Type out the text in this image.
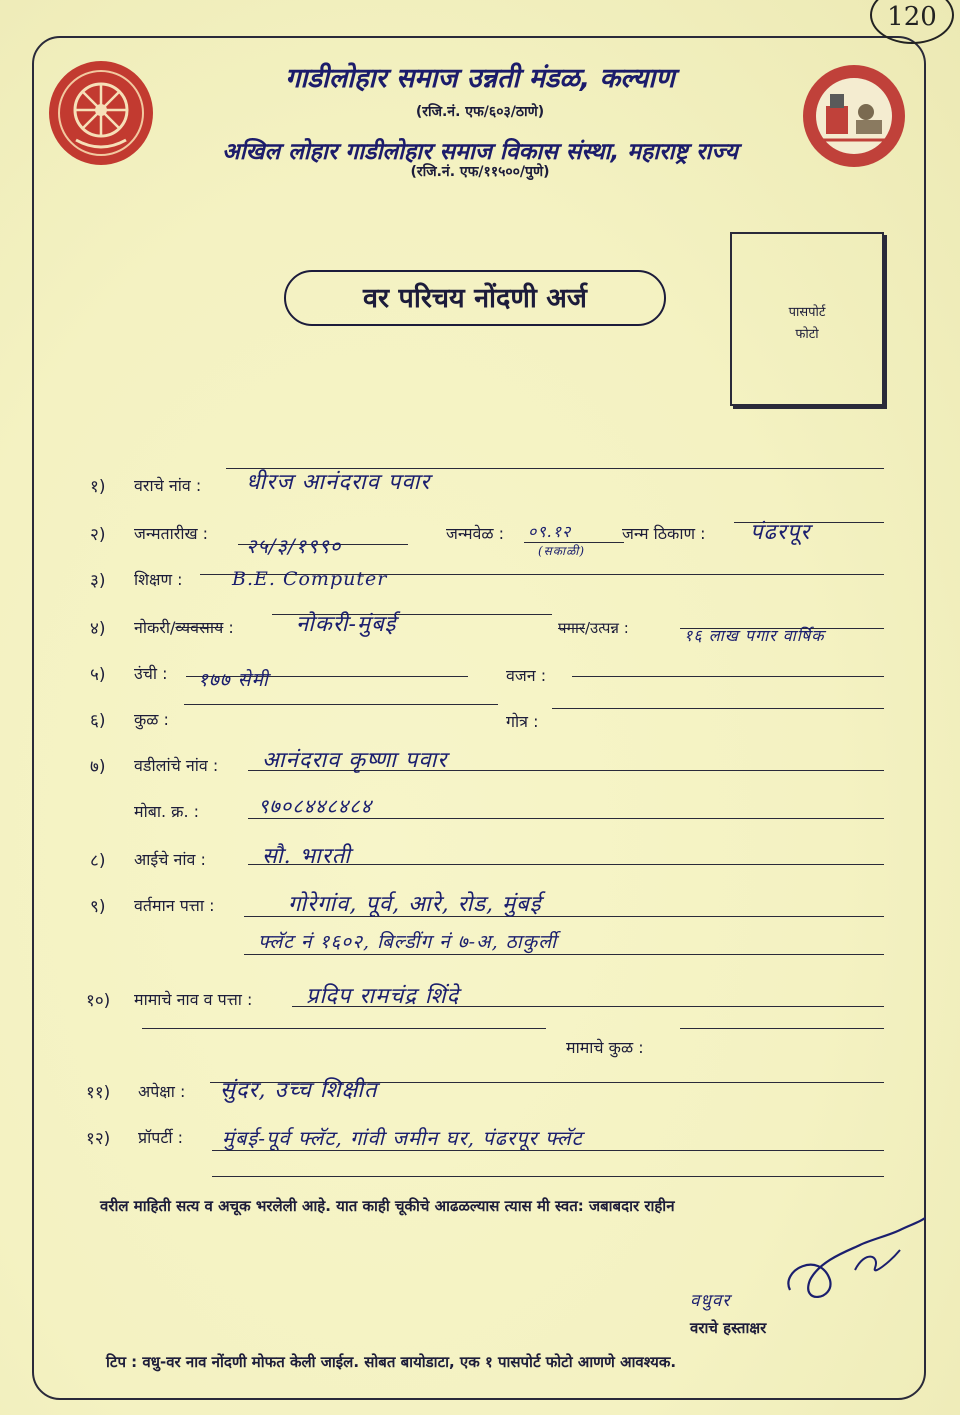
120
गाडीलोहार समाज उन्नती मंडळ, कल्याण
(रजि.नं. एफ/६०३/ठाणे)
अखिल लोहार गाडीलोहार समाज विकास संस्था, महाराष्ट्र राज्य
(रजि.नं. एफ/११५००/पुणे)
वर परिचय नोंदणी अर्ज	पासपोर्ट
फोटो
१) वराचे नांव : धीरज आनंदराव पवार
२) जन्मतारीख :
२५/३/१९९०
जन्मवेळ : ०९.१२
(सकाळी)
जन्म ठिकाण : पंढरपूर
३) शिक्षण :	B.E. Computer
४) नोकरी/व्यवसाय :	नोकरी-मुंबई	पगार/उत्पन्न :	१६ लाख पगार वार्षिक
५) उंची : १७७ सेमी	वजन :
६) कुळ :	गोत्र :
७) वडीलांचे नांव : आनंदराव कृष्णा पवार
मोबा. क्र. :	९७०८४४८४८४
८) आईचे नांव :	सौ. भारती
९) वर्तमान पत्ता :	गोरेगांव, पूर्व, आरे, रोड, मुंबई
फ्लॅट नं १६०२, बिल्डींग नं ७-अ, ठाकुर्ली
१०) मामाचे नाव व पत्ता : प्रदिप रामचंद्र शिंदे
मामाचे कुळ :
११) अपेक्षा : सुंदर, उच्च शिक्षीत
१२) प्रॉपर्टी : मुंबई-पूर्व फ्लॅट, गांवी जमीन घर, पंढरपूर फ्लॅट
वरील माहिती सत्य व अचूक भरलेली आहे. यात काही चूकीचे आढळल्यास त्यास मी स्वत: जबाबदार राहीन
वधुवर
वराचे हस्ताक्षर
टिप : वधु-वर नाव नोंदणी मोफत केली जाईल. सोबत बायोडाटा, एक १ पासपोर्ट फोटो आणणे आवश्यक.
